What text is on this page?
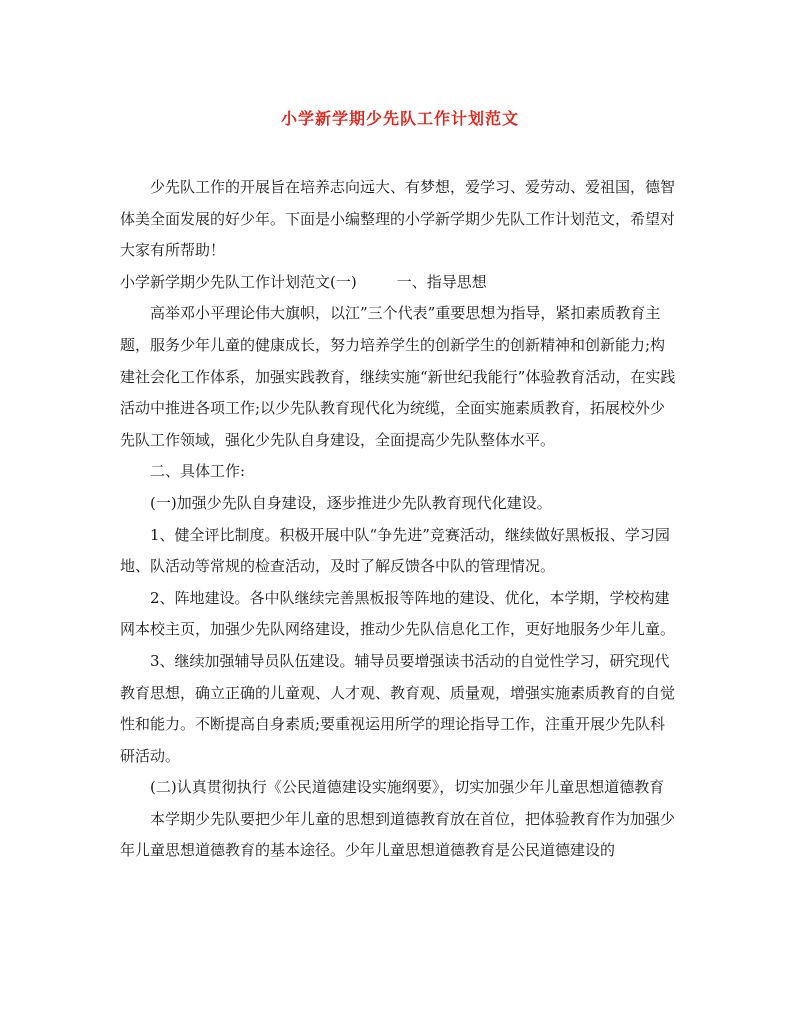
小学新学期少先队工作计划范文

少先队工作的开展旨在培养志向远大、有梦想，爱学习、爱劳动、爱祖国，德智体美全面发展的好少年。下面是小编整理的小学新学期少先队工作计划范文，希望对大家有所帮助！

小学新学期少先队工作计划范文(一)	一、指导思想

高举邓小平理论伟大旗帜，以江”三个代表”重要思想为指导，紧扣素质教育主题，服务少年儿童的健康成长，努力培养学生的创新学生的创新精神和创新能力;构建社会化工作体系，加强实践教育，继续实施“新世纪我能行”体验教育活动，在实践活动中推进各项工作;以少先队教育现代化为统缆，全面实施素质教育，拓展校外少先队工作领域，强化少先队自身建设，全面提高少先队整体水平。

二、具体工作:

(一)加强少先队自身建设，逐步推进少先队教育现代化建设。

1、健全评比制度。积极开展中队“争先进”竞赛活动，继续做好黑板报、学习园地、队活动等常规的检查活动，及时了解反馈各中队的管理情况。

2、阵地建设。各中队继续完善黑板报等阵地的建设、优化，本学期，学校构建网本校主页，加强少先队网络建设，推动少先队信息化工作，更好地服务少年儿童。

3、继续加强辅导员队伍建设。辅导员要增强读书活动的自觉性学习，研究现代教育思想，确立正确的儿童观、人才观、教育观、质量观，增强实施素质教育的自觉性和能力。不断提高自身素质;要重视运用所学的理论指导工作，注重开展少先队科研活动。

(二)认真贯彻执行《公民道德建设实施纲要》，切实加强少年儿童思想道德教育

本学期少先队要把少年儿童的思想到道德教育放在首位，把体验教育作为加强少年儿童思想道德教育的基本途径。少年儿童思想道德教育是公民道德建设的
